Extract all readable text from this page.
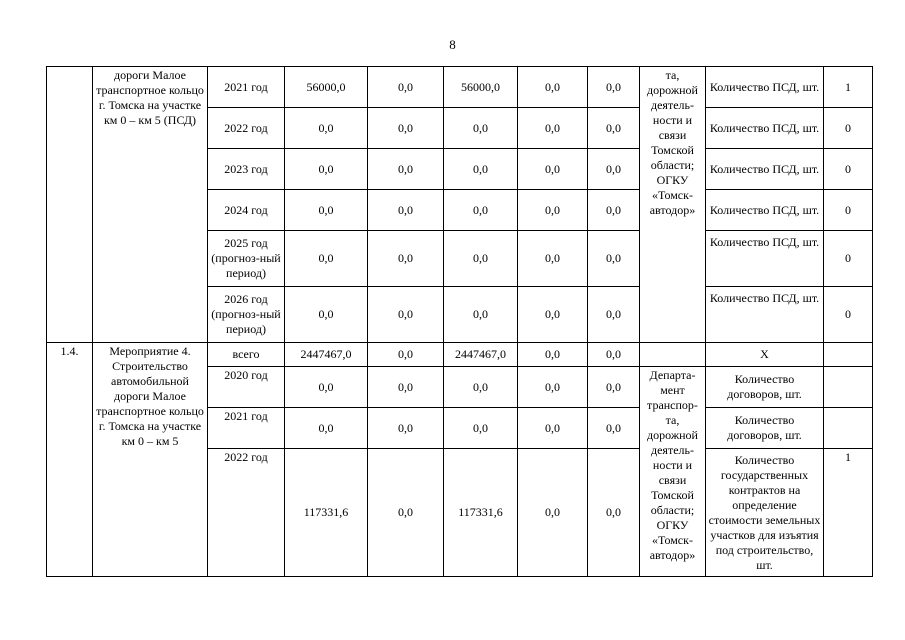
8
	дороги Малое транспортное кольцо г. Томска на участке км 0 – км 5 (ПСД)	2021 год	56000,0	0,0	56000,0	0,0	0,0	та, дорожной деятель-ности и связи Томской области; ОГКУ «Томск-автодор»	Количество ПСД, шт.	1
		2022 год	0,0	0,0	0,0	0,0	0,0		Количество ПСД, шт.	0
		2023 год	0,0	0,0	0,0	0,0	0,0		Количество ПСД, шт.	0
		2024 год	0,0	0,0	0,0	0,0	0,0		Количество ПСД, шт.	0
		2025 год (прогноз-ный период)	0,0	0,0	0,0	0,0	0,0		Количество ПСД, шт.	0
		2026 год (прогноз-ный период)	0,0	0,0	0,0	0,0	0,0		Количество ПСД, шт.	0
1.4.	Мероприятие 4. Строительство автомобильной дороги Малое транспортное кольцо г. Томска на участке км 0 – км 5	всего	2447467,0	0,0	2447467,0	0,0	0,0		Х	
		2020 год	0,0	0,0	0,0	0,0	0,0	Департа-мент транспор-та, дорожной деятель-ности и связи Томской области; ОГКУ «Томск-автодор»	Количество договоров, шт.	
		2021 год	0,0	0,0	0,0	0,0	0,0		Количество договоров, шт.	
		2022 год	117331,6	0,0	117331,6	0,0	0,0		Количество государственных контрактов на определение стоимости земельных участков для изъятия под строительство, шт.	1
